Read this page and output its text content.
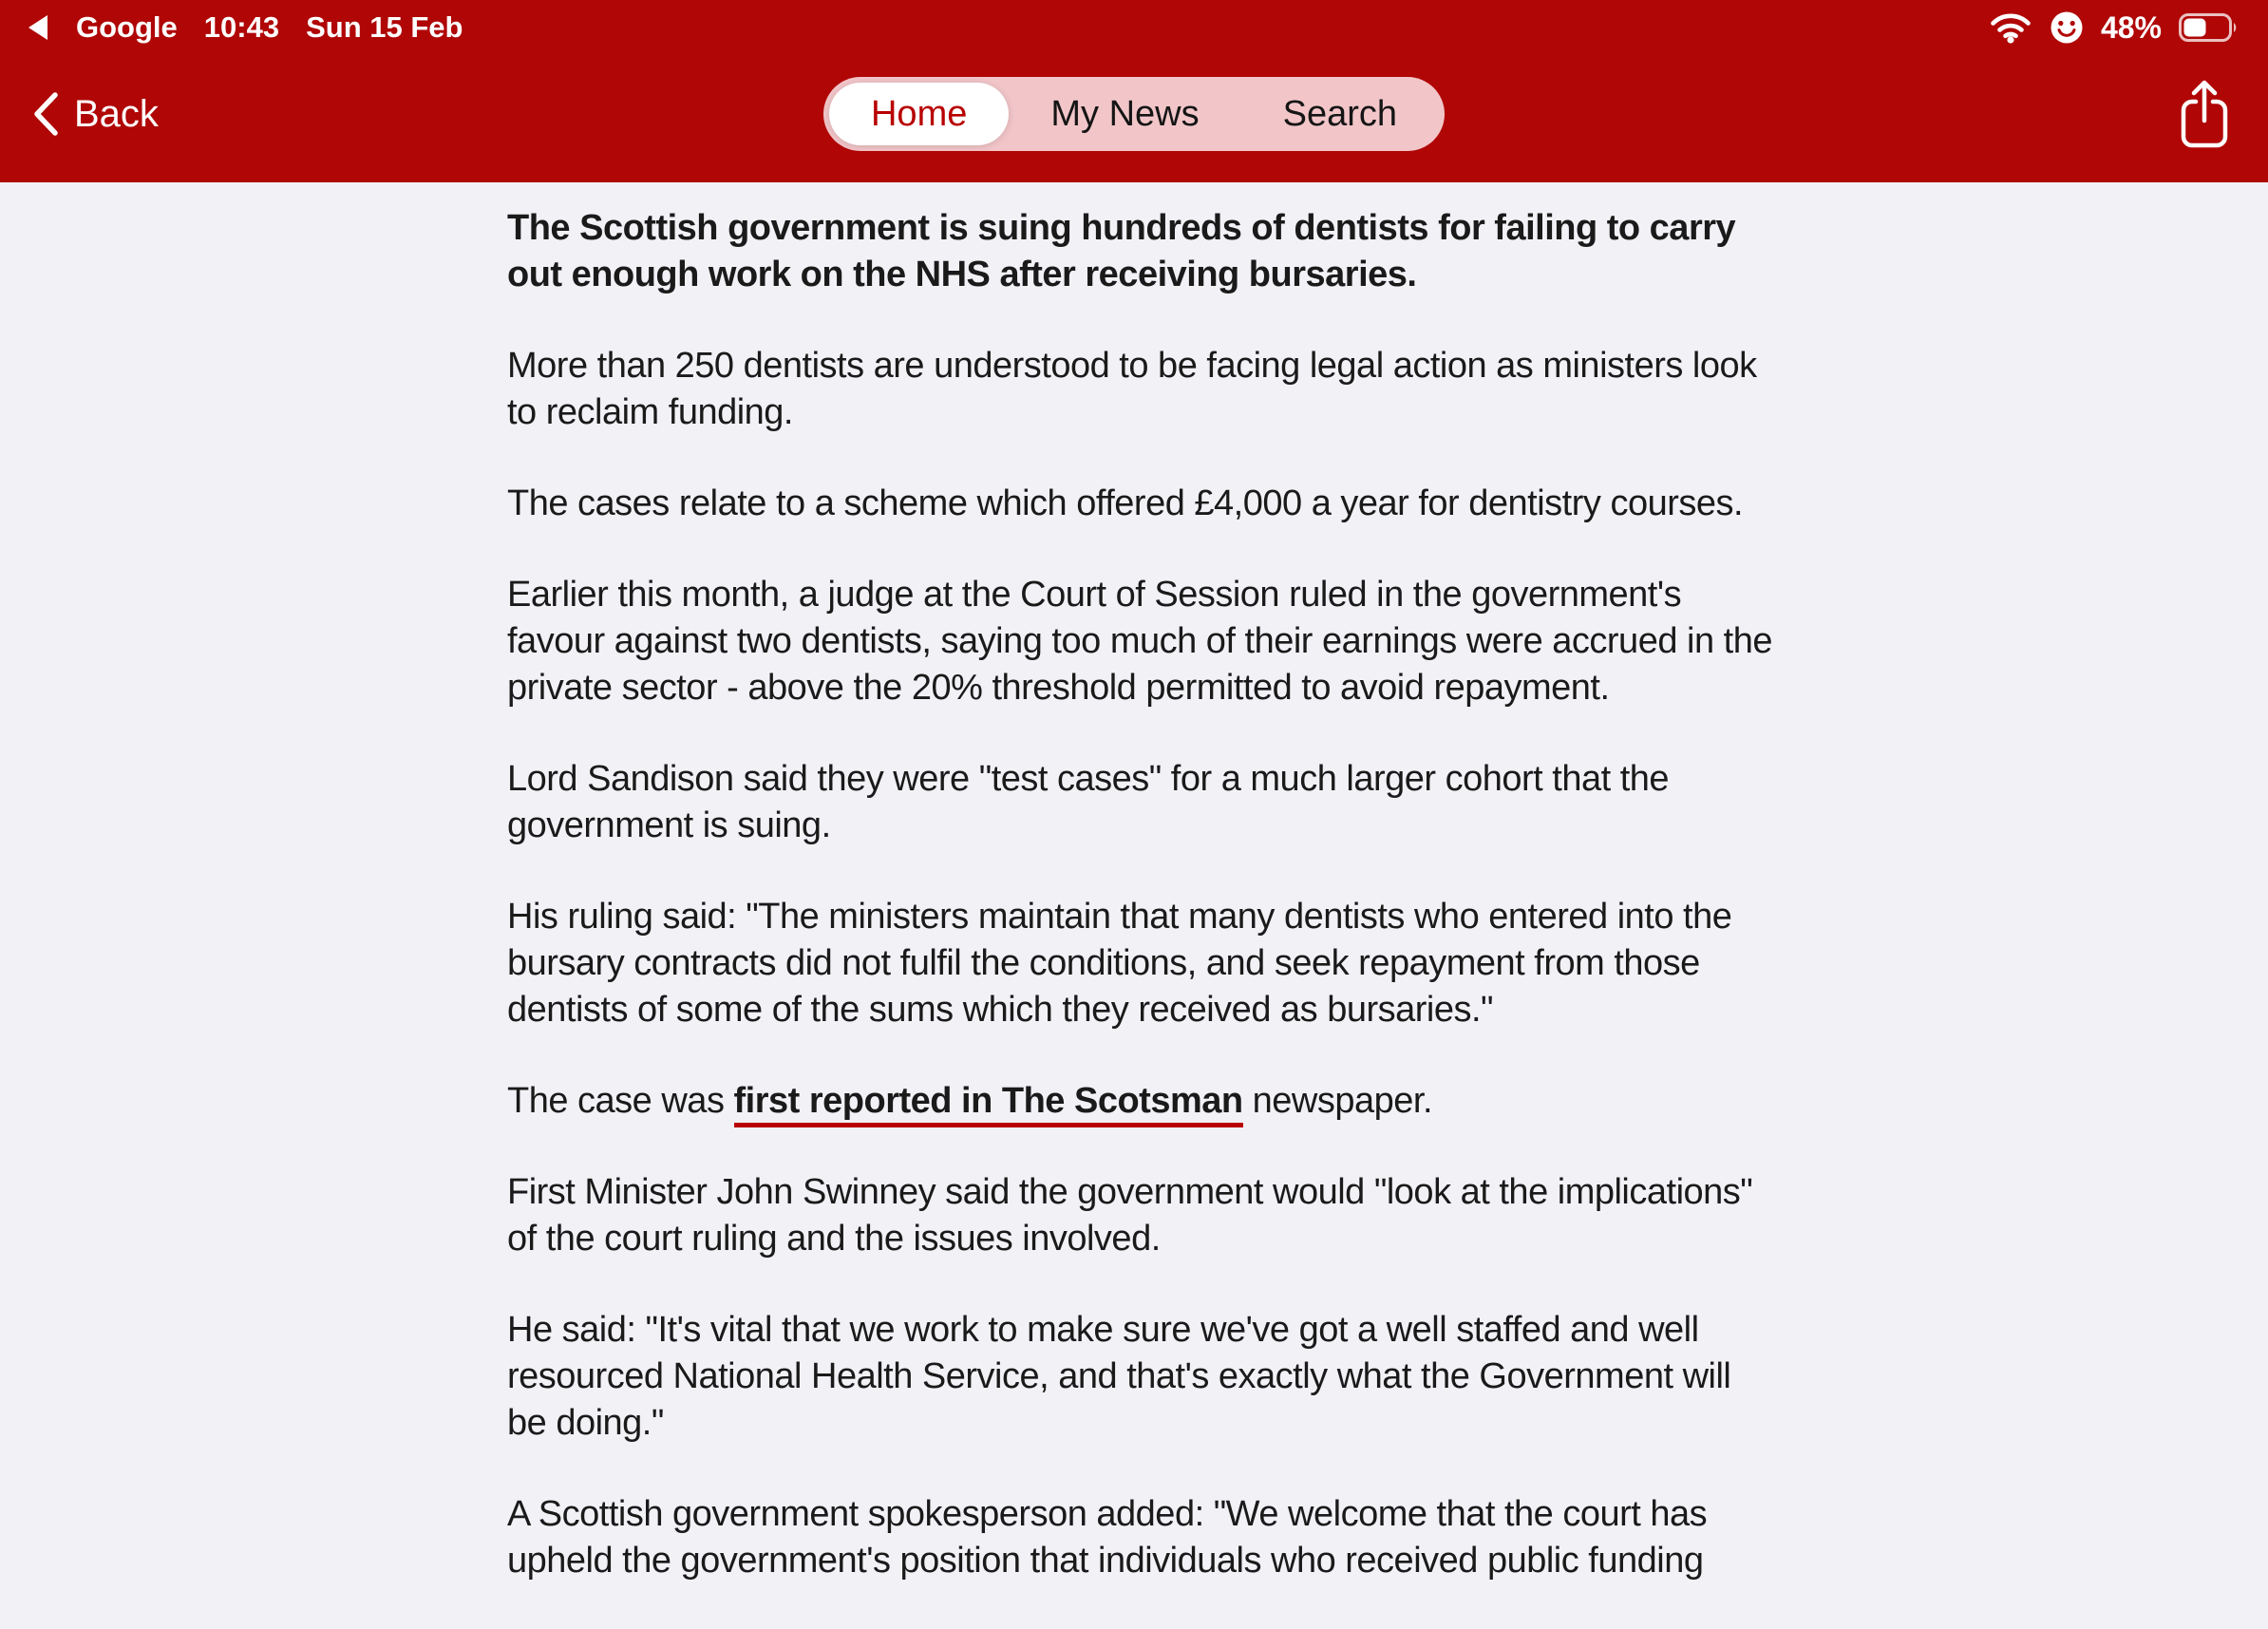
Google 10:43 Sun 15 Feb	48%
Back	Home	My News	Search

The Scottish government is suing hundreds of dentists for failing to carry out enough work on the NHS after receiving bursaries.

More than 250 dentists are understood to be facing legal action as ministers look to reclaim funding.

The cases relate to a scheme which offered £4,000 a year for dentistry courses.

Earlier this month, a judge at the Court of Session ruled in the government's favour against two dentists, saying too much of their earnings were accrued in the private sector - above the 20% threshold permitted to avoid repayment.

Lord Sandison said they were "test cases" for a much larger cohort that the government is suing.

His ruling said: "The ministers maintain that many dentists who entered into the bursary contracts did not fulfil the conditions, and seek repayment from those dentists of some of the sums which they received as bursaries."

The case was first reported in The Scotsman newspaper.

First Minister John Swinney said the government would "look at the implications" of the court ruling and the issues involved.

He said: "It's vital that we work to make sure we've got a well staffed and well resourced National Health Service, and that's exactly what the Government will be doing."

A Scottish government spokesperson added: "We welcome that the court has upheld the government's position that individuals who received public funding
